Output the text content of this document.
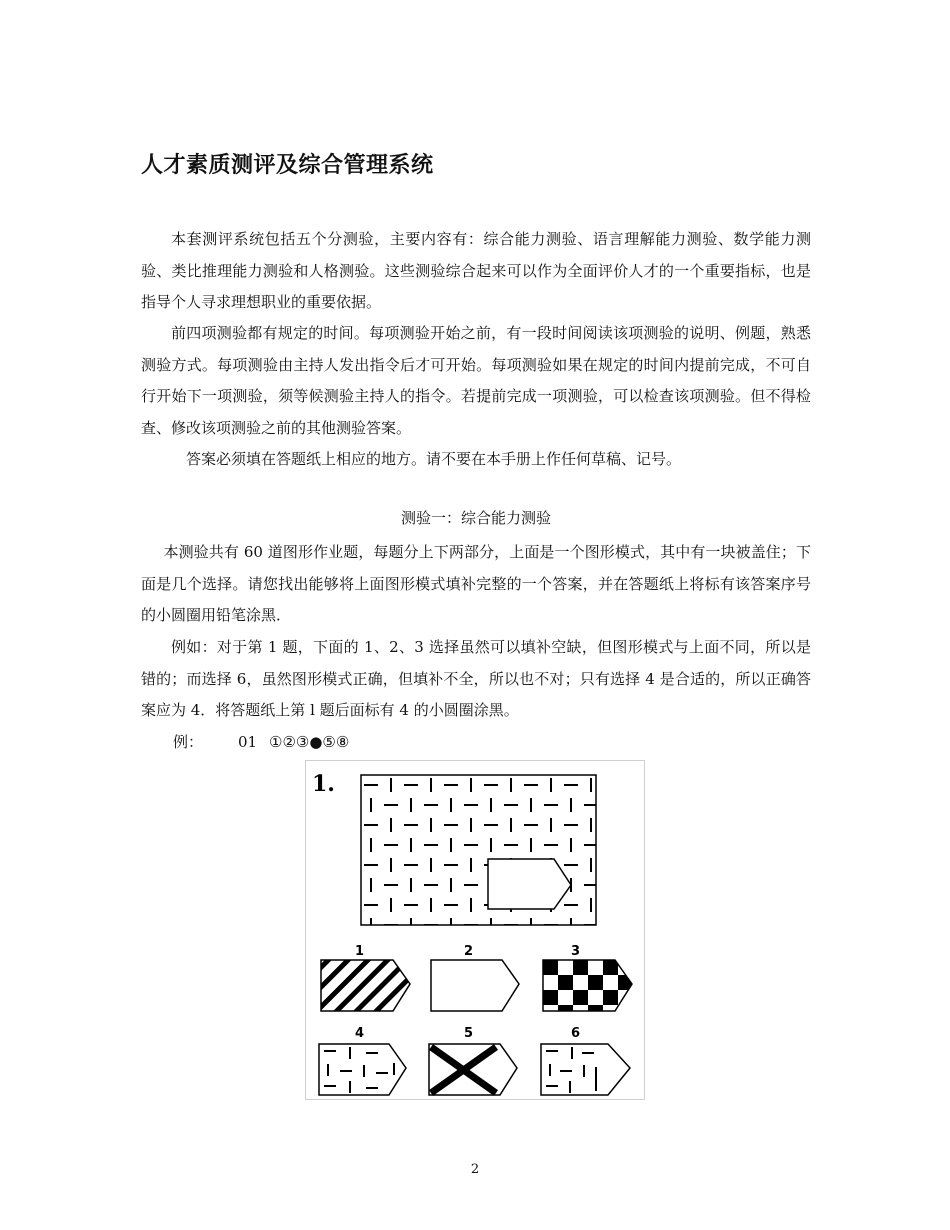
人才素质测评及综合管理系统

本套测评系统包括五个分测验，主要内容有：综合能力测验、语言理解能力测验、数学能力测验、类比推理能力测验和人格测验。这些测验综合起来可以作为全面评价人才的一个重要指标，也是指导个人寻求理想职业的重要依据。

前四项测验都有规定的时间。每项测验开始之前，有一段时间阅读该项测验的说明、例题，熟悉测验方式。每项测验由主持人发出指令后才可开始。每项测验如果在规定的时间内提前完成，不可自行开始下一项测验，须等候测验主持人的指令。若提前完成一项测验，可以检查该项测验。但不得检查、修改该项测验之前的其他测验答案。

答案必须填在答题纸上相应的地方。请不要在本手册上作任何草稿、记号。

测验一：综合能力测验

本测验共有 60 道图形作业题，每题分上下两部分，上面是一个图形模式，其中有一块被盖住；下面是几个选择。请您找出能够将上面图形模式填补完整的一个答案，并在答题纸上将标有该答案序号的小圆圈用铅笔涂黑．

例如：对于第 1 题，下面的 1、2、3 选择虽然可以填补空缺，但图形模式与上面不同，所以是错的；而选择 6，虽然图形模式正确，但填补不全，所以也不对；只有选择 4 是合适的，所以正确答案应为 4．将答题纸上第 l 题后面标有 4 的小圆圈涂黑。

例： 01 ①②③●⑤⑧

1.
1	2	3
4	5	6

2
